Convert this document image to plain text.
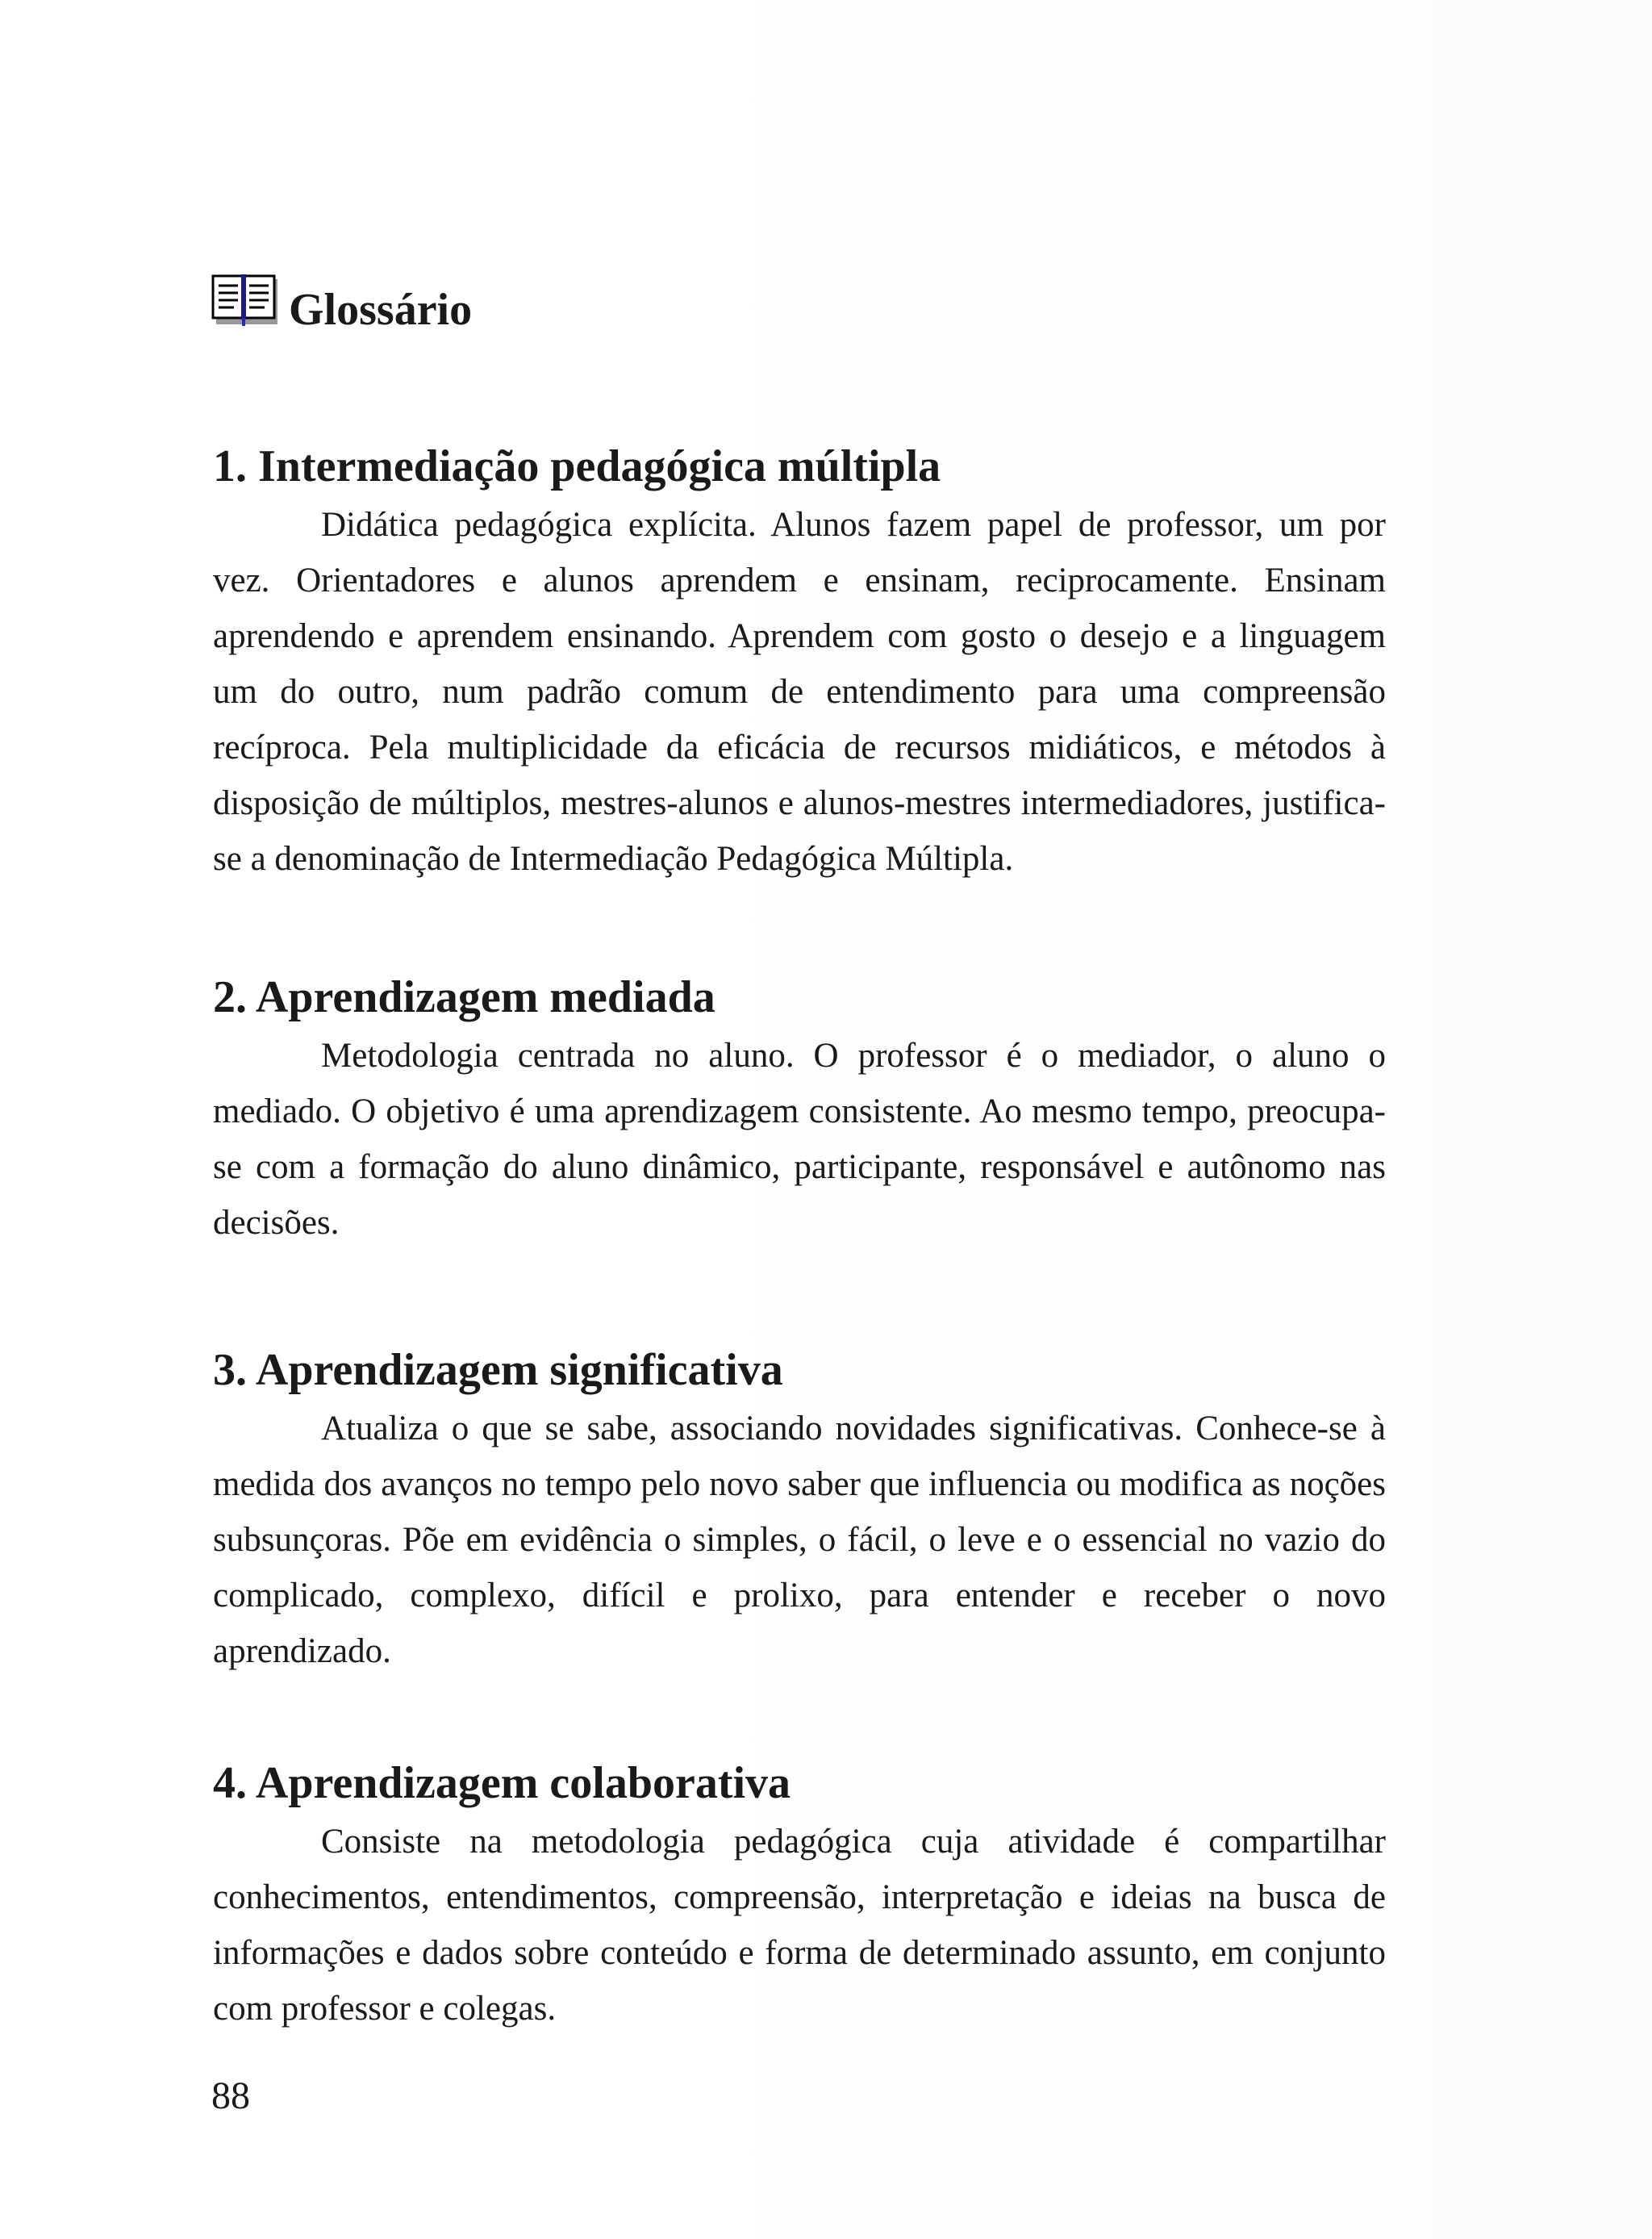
Glossário
1. Intermediação pedagógica múltipla

Didática pedagógica explícita. Alunos fazem papel de professor, um por vez. Orientadores e alunos aprendem e ensinam, reciprocamente. Ensinam aprendendo e aprendem ensinando. Aprendem com gosto o desejo e a linguagem um do outro, num padrão comum de entendimento para uma compreensão recíproca. Pela multiplicidade da eficácia de recursos midiáticos, e métodos à disposição de múltiplos, mestres-alunos e alunos-mestres intermediadores, justifica-se a denominação de Intermediação Pedagógica Múltipla.

2. Aprendizagem mediada

Metodologia centrada no aluno. O professor é o mediador, o aluno o mediado. O objetivo é uma aprendizagem consistente. Ao mesmo tempo, preocupa-se com a formação do aluno dinâmico, participante, responsável e autônomo nas decisões.

3. Aprendizagem significativa

Atualiza o que se sabe, associando novidades significativas. Conhece-se à medida dos avanços no tempo pelo novo saber que influencia ou modifica as noções subsunçoras. Põe em evidência o simples, o fácil, o leve e o essencial no vazio do complicado, complexo, difícil e prolixo, para entender e receber o novo aprendizado.

4. Aprendizagem colaborativa

Consiste na metodologia pedagógica cuja atividade é compartilhar conhecimentos, entendimentos, compreensão, interpretação e ideias na busca de informações e dados sobre conteúdo e forma de determinado assunto, em conjunto com professor e colegas.

88
